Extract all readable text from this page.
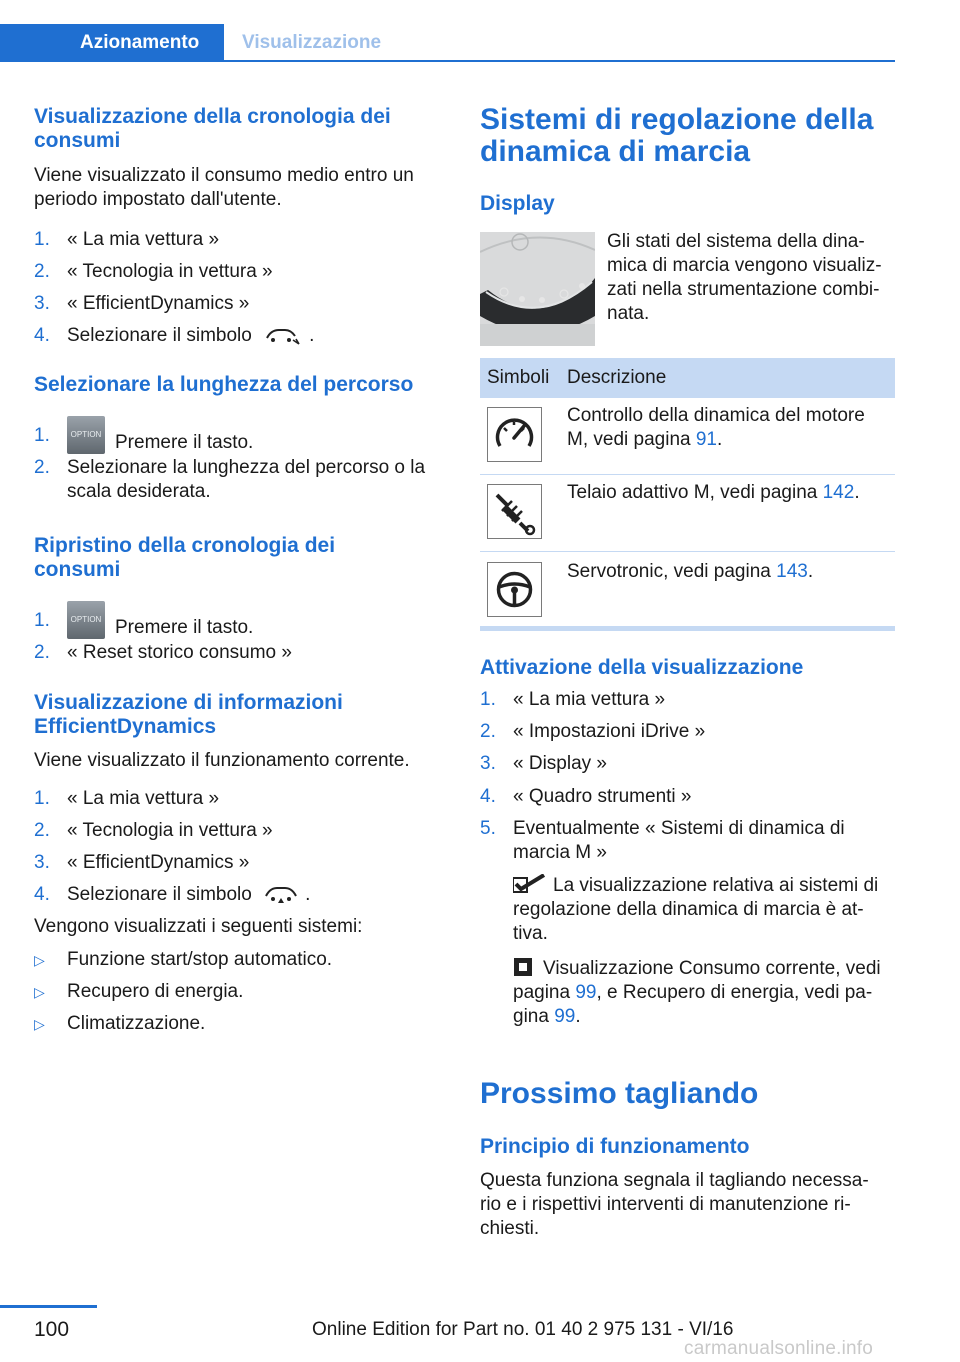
Azionamento	Visualizzazione
Visualizzazione della cronologia dei consumi
Viene visualizzato il consumo medio entro un periodo impostato dall'utente.
1. « La mia vettura »
2. « Tecnologia in vettura »
3. « EfficientDynamics »
4. Selezionare il simbolo	.
Selezionare la lunghezza del percorso
1.	OPTION Premere il tasto.
2. Selezionare la lunghezza del percorso o la scala desiderata.
Ripristino della cronologia dei consumi
1.	OPTION Premere il tasto.
2. « Reset storico consumo »
Visualizzazione di informazioni EfficientDynamics
Viene visualizzato il funzionamento corrente.
1. « La mia vettura »
2. « Tecnologia in vettura »
3. « EfficientDynamics »
4. Selezionare il simbolo	.
Vengono visualizzati i seguenti sistemi:
▷ Funzione start/stop automatico.
▷ Recupero di energia.
▷ Climatizzazione.
Sistemi di regolazione della dinamica di marcia
Display
Gli stati del sistema della dina-mica di marcia vengono visualiz-zati nella strumentazione combi-nata.
Simboli Descrizione
Controllo della dinamica del motore M, vedi pagina 91.
Telaio adattivo M, vedi pagina 142.
Servotronic, vedi pagina 143.
Attivazione della visualizzazione
1. « La mia vettura »
2. « Impostazioni iDrive »
3. « Display »
4. « Quadro strumenti »
5. Eventualmente « Sistemi di dinamica di marcia M »
La visualizzazione relativa ai sistemi di regolazione della dinamica di marcia è at-tiva.
Visualizzazione Consumo corrente, vedi pagina 99, e Recupero di energia, vedi pa-gina 99.
Prossimo tagliando
Principio di funzionamento
Questa funziona segnala il tagliando necessa-rio e i rispettivi interventi di manutenzione ri-chiesti.
100	Online Edition for Part no. 01 40 2 975 131 - VI/16
carmanualsonline.info
